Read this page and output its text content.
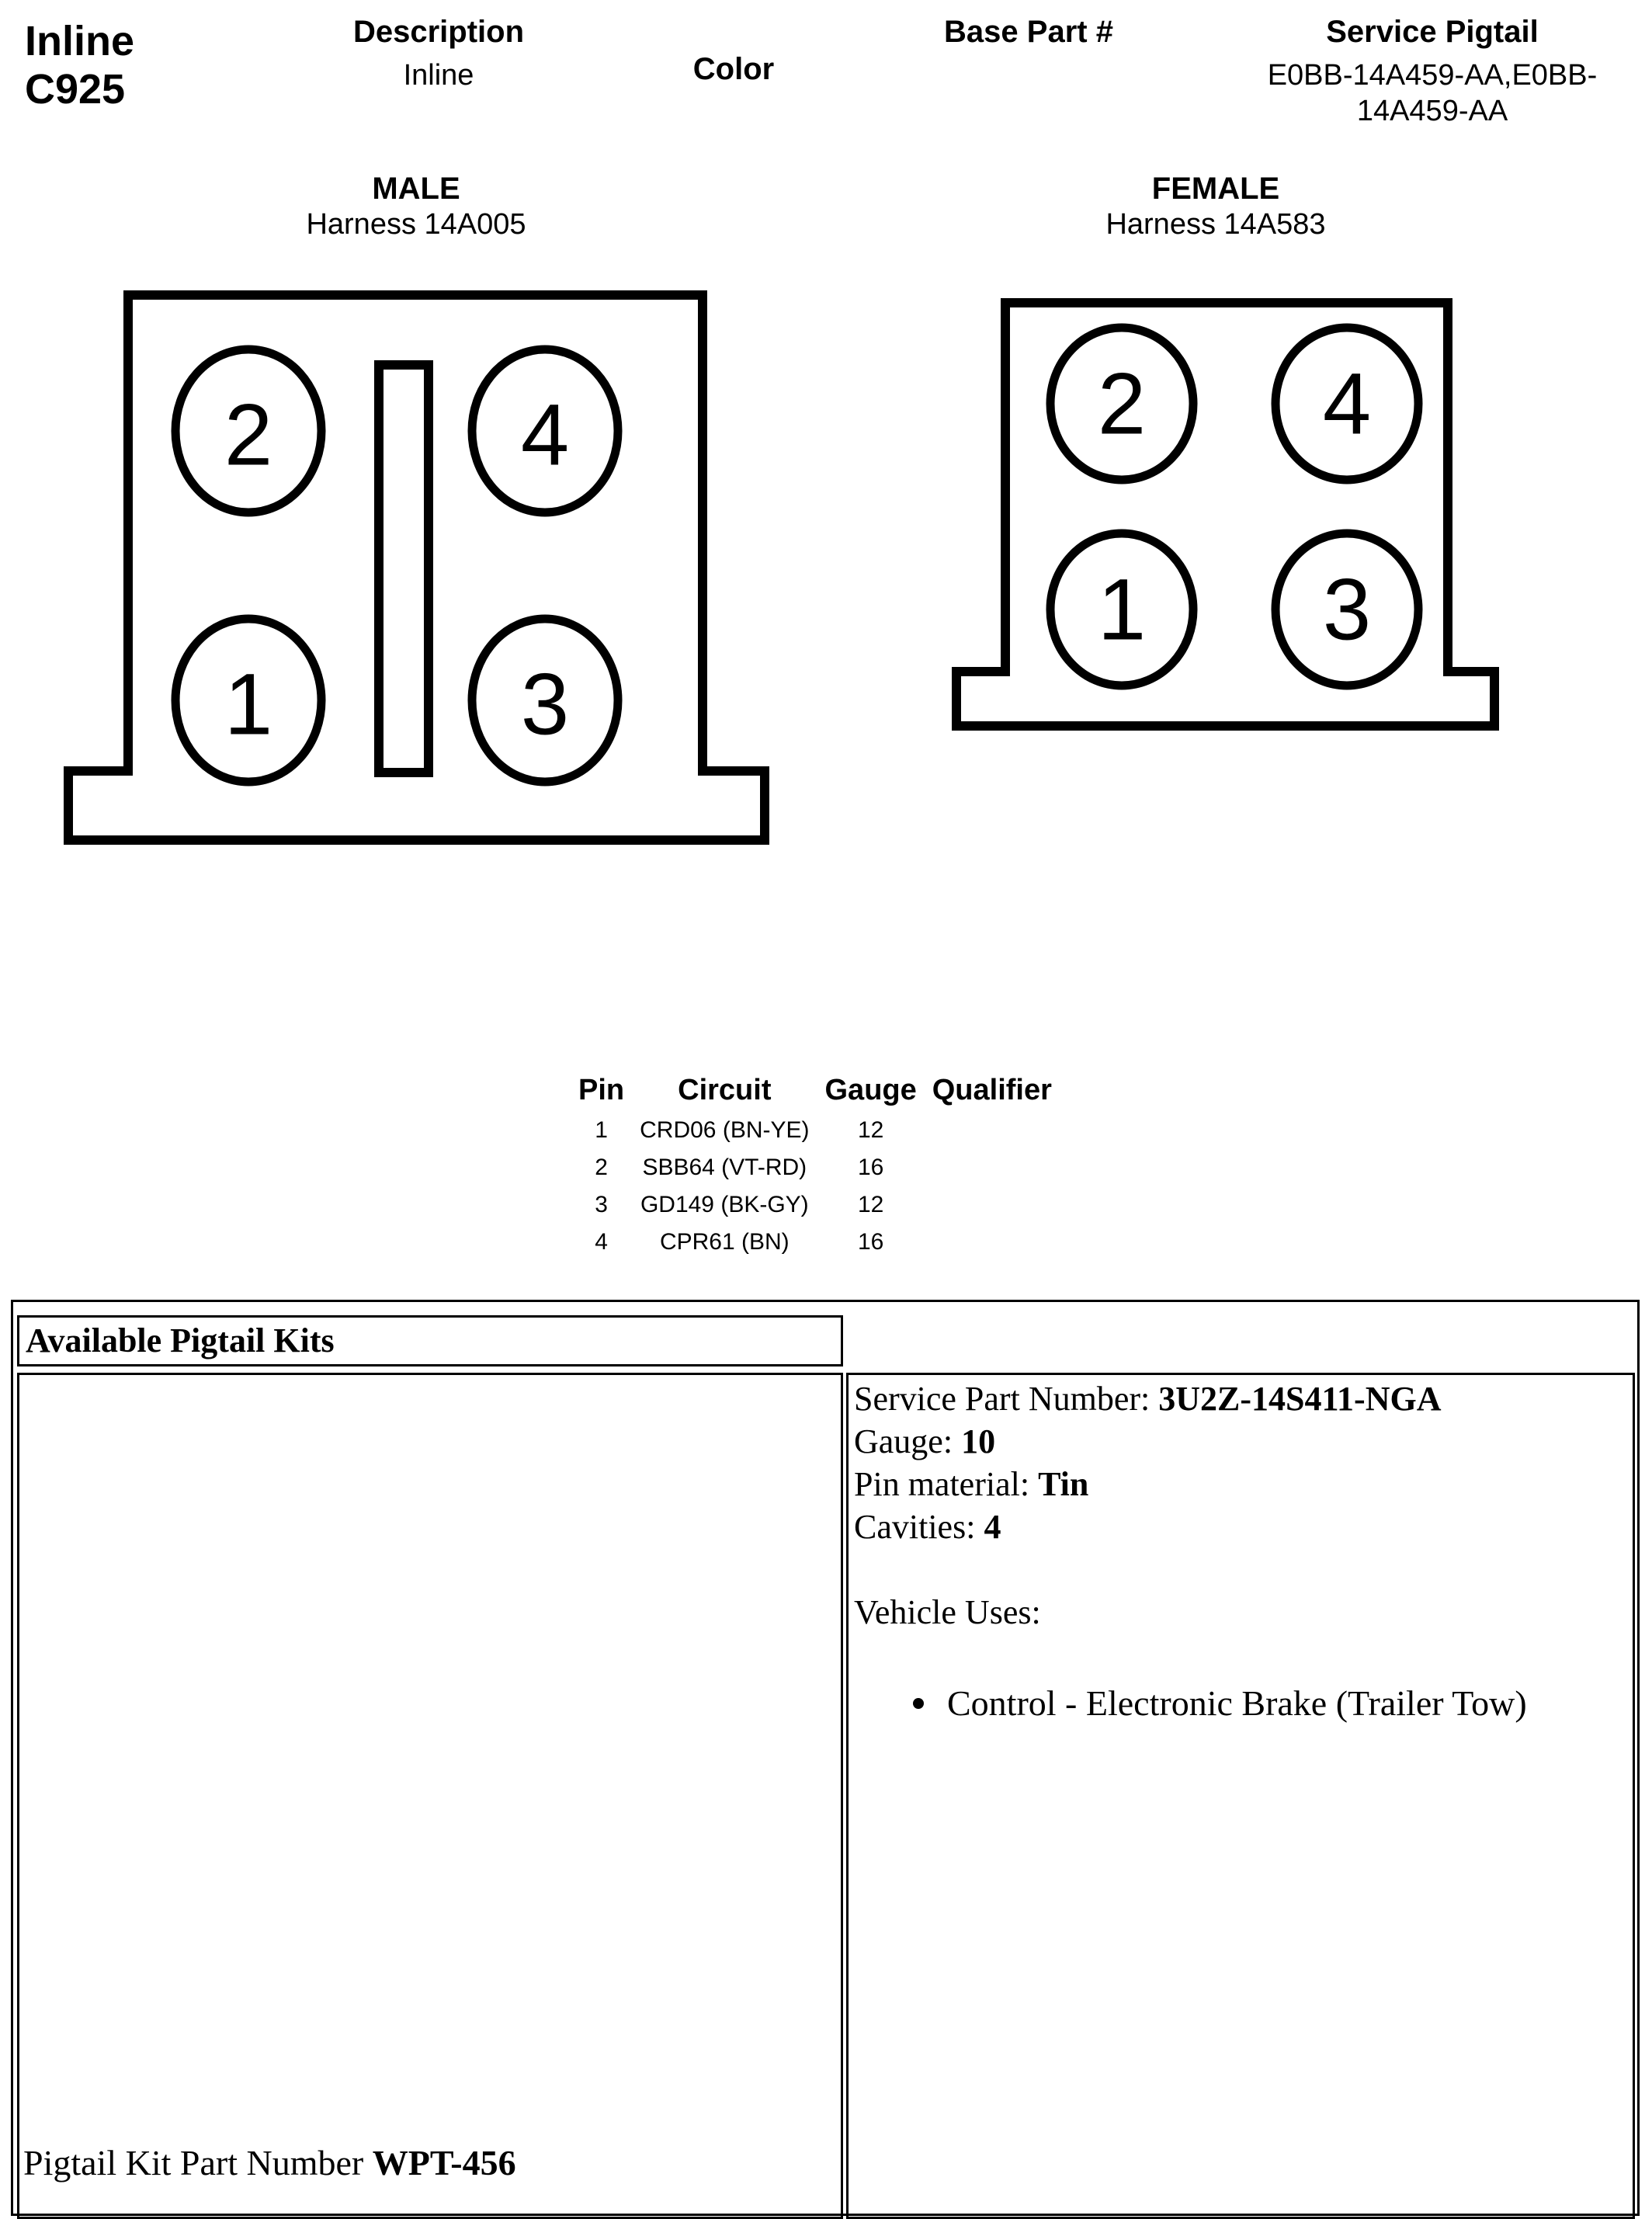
Inline
C925
Description
Inline	Color
Base Part #	Service Pigtail
E0BB-14A459-AA,E0BB-
14A459-AA
MALE
Harness 14A005
FEMALE
Harness 14A583
2	4
1	3
2 4
1 3
Pin	Circuit	Gauge	Qualifier
1	CRD06 (BN-YE)	12	
2	SBB64 (VT-RD)	16	
3	GD149 (BK-GY)	12	
4	CPR61 (BN)	16	
Available Pigtail Kits
Service Part Number: 3U2Z-14S411-NGA
Gauge: 10
Pin material: Tin
Cavities: 4
Vehicle Uses:
Control - Electronic Brake (Trailer Tow)
Pigtail Kit Part Number WPT-456
